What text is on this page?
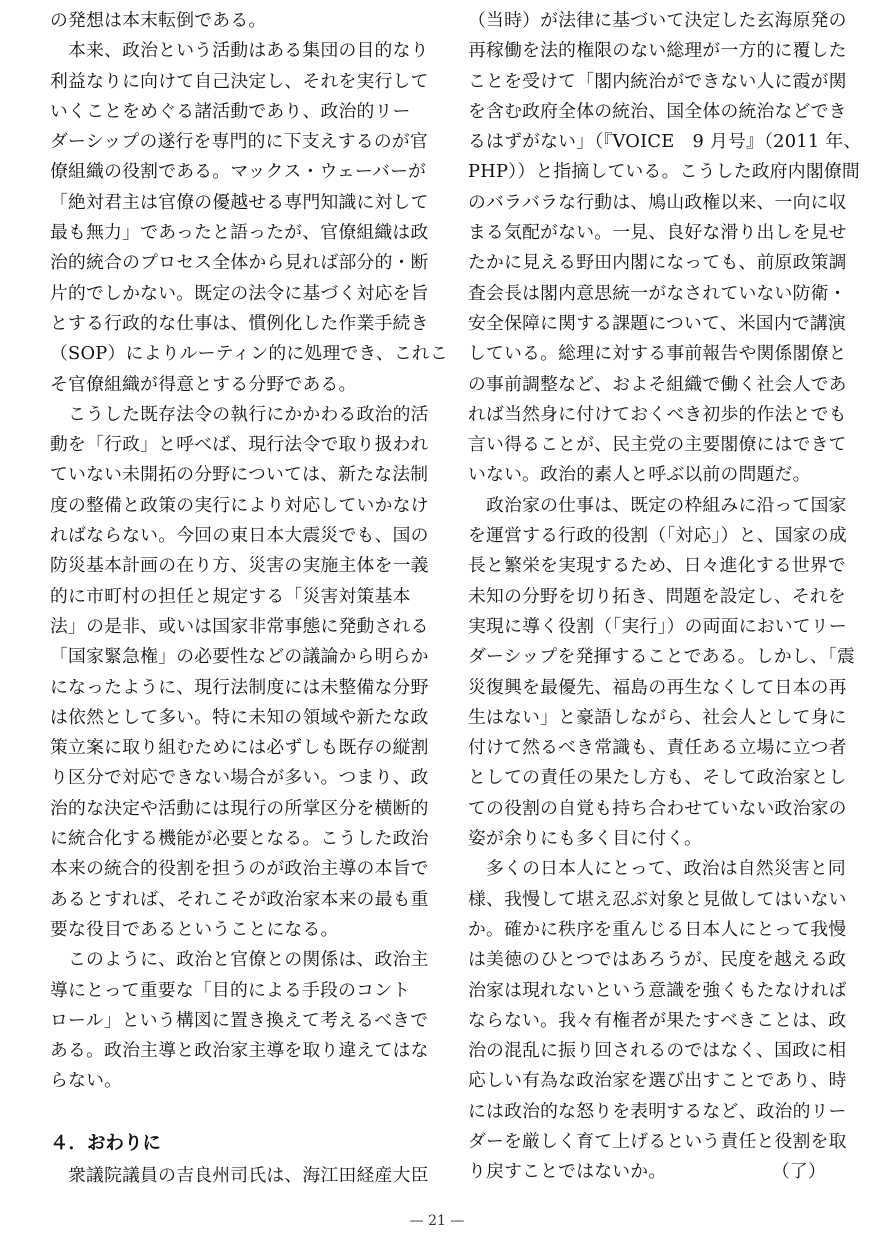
の発想は本末転倒である。
本来、政治という活動はある集団の目的なり
利益なりに向けて自己決定し、それを実行して
いくことをめぐる諸活動であり、政治的リー
ダーシップの遂行を専門的に下支えするのが官
僚組織の役割である。マックス・ウェーバーが
「絶対君主は官僚の優越せる専門知識に対して
最も無力」であったと語ったが、官僚組織は政
治的統合のプロセス全体から見れば部分的・断
片的でしかない。既定の法令に基づく対応を旨
とする行政的な仕事は、慣例化した作業手続き
（SOP）によりルーティン的に処理でき、これこ
そ官僚組織が得意とする分野である。
こうした既存法令の執行にかかわる政治的活
動を「行政」と呼べば、現行法令で取り扱われ
ていない未開拓の分野については、新たな法制
度の整備と政策の実行により対応していかなけ
ればならない。今回の東日本大震災でも、国の
防災基本計画の在り方、災害の実施主体を一義
的に市町村の担任と規定する「災害対策基本
法」の是非、或いは国家非常事態に発動される
「国家緊急権」の必要性などの議論から明らか
になったように、現行法制度には未整備な分野
は依然として多い。特に未知の領域や新たな政
策立案に取り組むためには必ずしも既存の縦割
り区分で対応できない場合が多い。つまり、政
治的な決定や活動には現行の所掌区分を横断的
に統合化する機能が必要となる。こうした政治
本来の統合的役割を担うのが政治主導の本旨で
あるとすれば、それこそが政治家本来の最も重
要な役目であるということになる。
このように、政治と官僚との関係は、政治主
導にとって重要な「目的による手段のコント
ロール」という構図に置き換えて考えるべきで
ある。政治主導と政治家主導を取り違えてはな
らない。
４．おわりに
衆議院議員の吉良州司氏は、海江田経産大臣
（当時）が法律に基づいて決定した玄海原発の
再稼働を法的権限のない総理が一方的に覆した
ことを受けて「閣内統治ができない人に霞が関
を含む政府全体の統治、国全体の統治などでき
るはずがない」（『VOICE　9 月号』（2011 年、
PHP））と指摘している。こうした政府内閣僚間
のバラバラな行動は、鳩山政権以来、一向に収
まる気配がない。一見、良好な滑り出しを見せ
たかに見える野田内閣になっても、前原政策調
査会長は閣内意思統一がなされていない防衛・
安全保障に関する課題について、米国内で講演
している。総理に対する事前報告や関係閣僚と
の事前調整など、およそ組織で働く社会人であ
れば当然身に付けておくべき初歩的作法とでも
言い得ることが、民主党の主要閣僚にはできて
いない。政治的素人と呼ぶ以前の問題だ。
政治家の仕事は、既定の枠組みに沿って国家
を運営する行政的役割（「対応」）と、国家の成
長と繁栄を実現するため、日々進化する世界で
未知の分野を切り拓き、問題を設定し、それを
実現に導く役割（「実行」）の両面においてリー
ダーシップを発揮することである。しかし、「震
災復興を最優先、福島の再生なくして日本の再
生はない」と豪語しながら、社会人として身に
付けて然るべき常識も、責任ある立場に立つ者
としての責任の果たし方も、そして政治家とし
ての役割の自覚も持ち合わせていない政治家の
姿が余りにも多く目に付く。
多くの日本人にとって、政治は自然災害と同
様、我慢して堪え忍ぶ対象と見做してはいない
か。確かに秩序を重んじる日本人にとって我慢
は美徳のひとつではあろうが、民度を越える政
治家は現れないという意識を強くもたなければ
ならない。我々有権者が果たすべきことは、政
治の混乱に振り回されるのではなく、国政に相
応しい有為な政治家を選び出すことであり、時
には政治的な怒りを表明するなど、政治的リー
ダーを厳しく育て上げるという責任と役割を取
り戻すことではないか。	（了）
— 21 —
